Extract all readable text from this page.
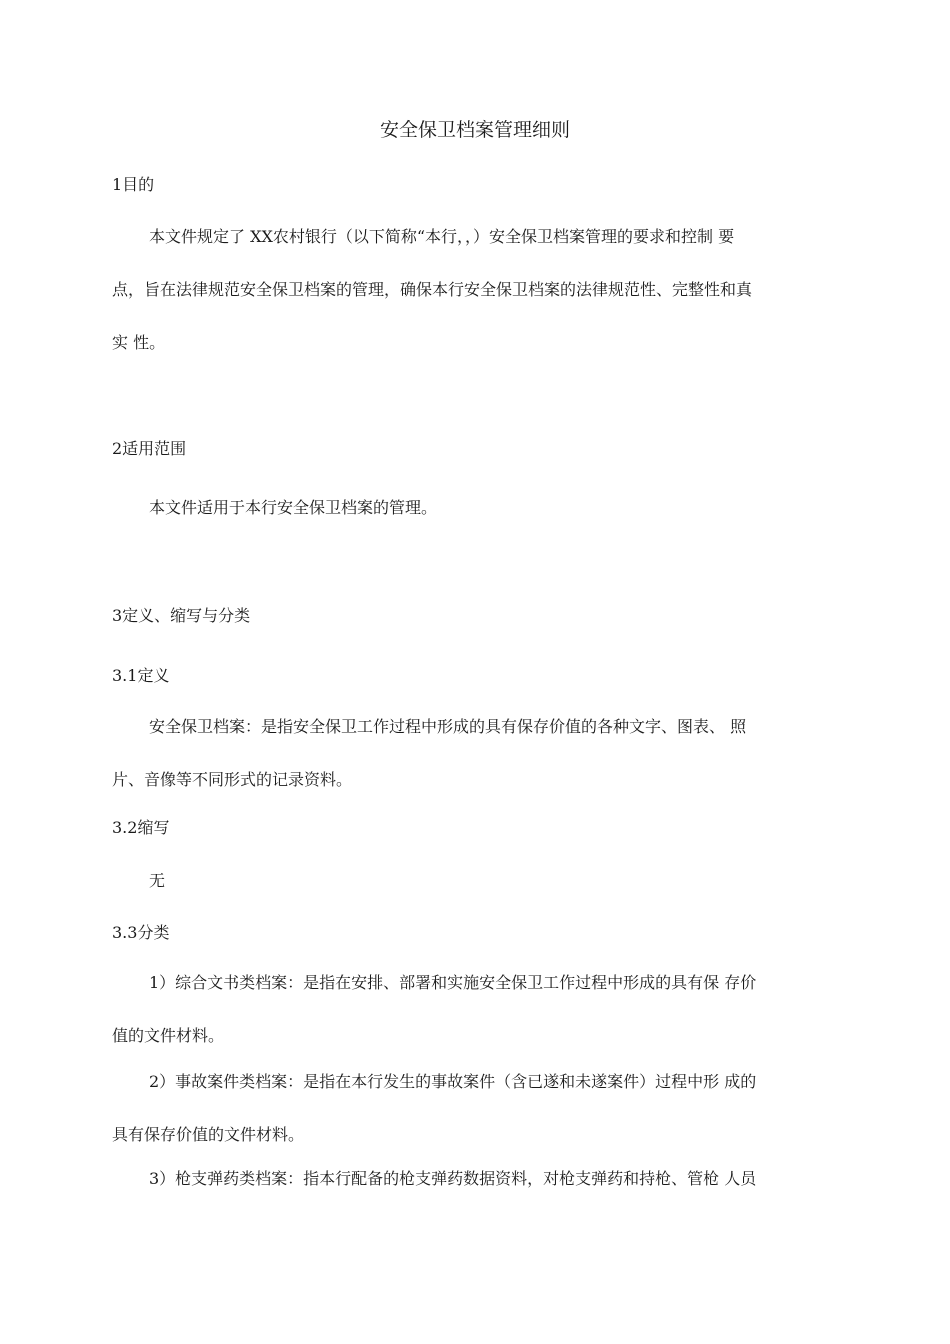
安全保卫档案管理细则
1目的
本文件规定了 XX农村银行（以下简称“本行，，）安全保卫档案管理的要求和控制 要
点，旨在法律规范安全保卫档案的管理，确保本行安全保卫档案的法律规范性、完整性和真
实 性。
2适用范围
本文件适用于本行安全保卫档案的管理。
3定义、缩写与分类
3.1定义
安全保卫档案：是指安全保卫工作过程中形成的具有保存价值的各种文字、图表、 照
片、音像等不同形式的记录资料。
3.2缩写
无
3.3分类
1）综合文书类档案：是指在安排、部署和实施安全保卫工作过程中形成的具有保 存价
值的文件材料。
2）事故案件类档案：是指在本行发生的事故案件（含已遂和未遂案件）过程中形 成的
具有保存价值的文件材料。
3）枪支弹药类档案：指本行配备的枪支弹药数据资料，对枪支弹药和持枪、管枪 人员
